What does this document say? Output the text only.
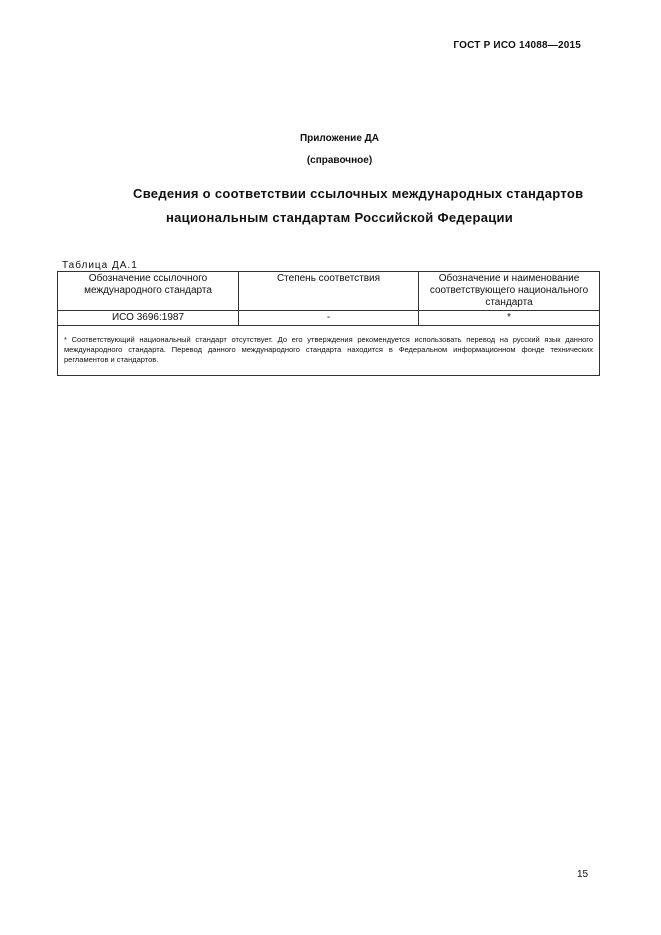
ГОСТ Р ИСО 14088—2015
Приложение ДА
(справочное)
Сведения о соответствии ссылочных международных стандартов
национальным стандартам Российской Федерации
Таблица ДА.1
Обозначение ссылочного международного стандарта	Степень соответствия	Обозначение и наименование соответствующего национального стандарта
ИСО 3696:1987	-	*
* Соответствующий национальный стандарт отсутствует. До его утверждения рекомендуется использовать перевод на русский язык данного международного стандарта. Перевод данного международного стандарта находится в Федеральном информационном фонде технических регламентов и стандартов.		
15
